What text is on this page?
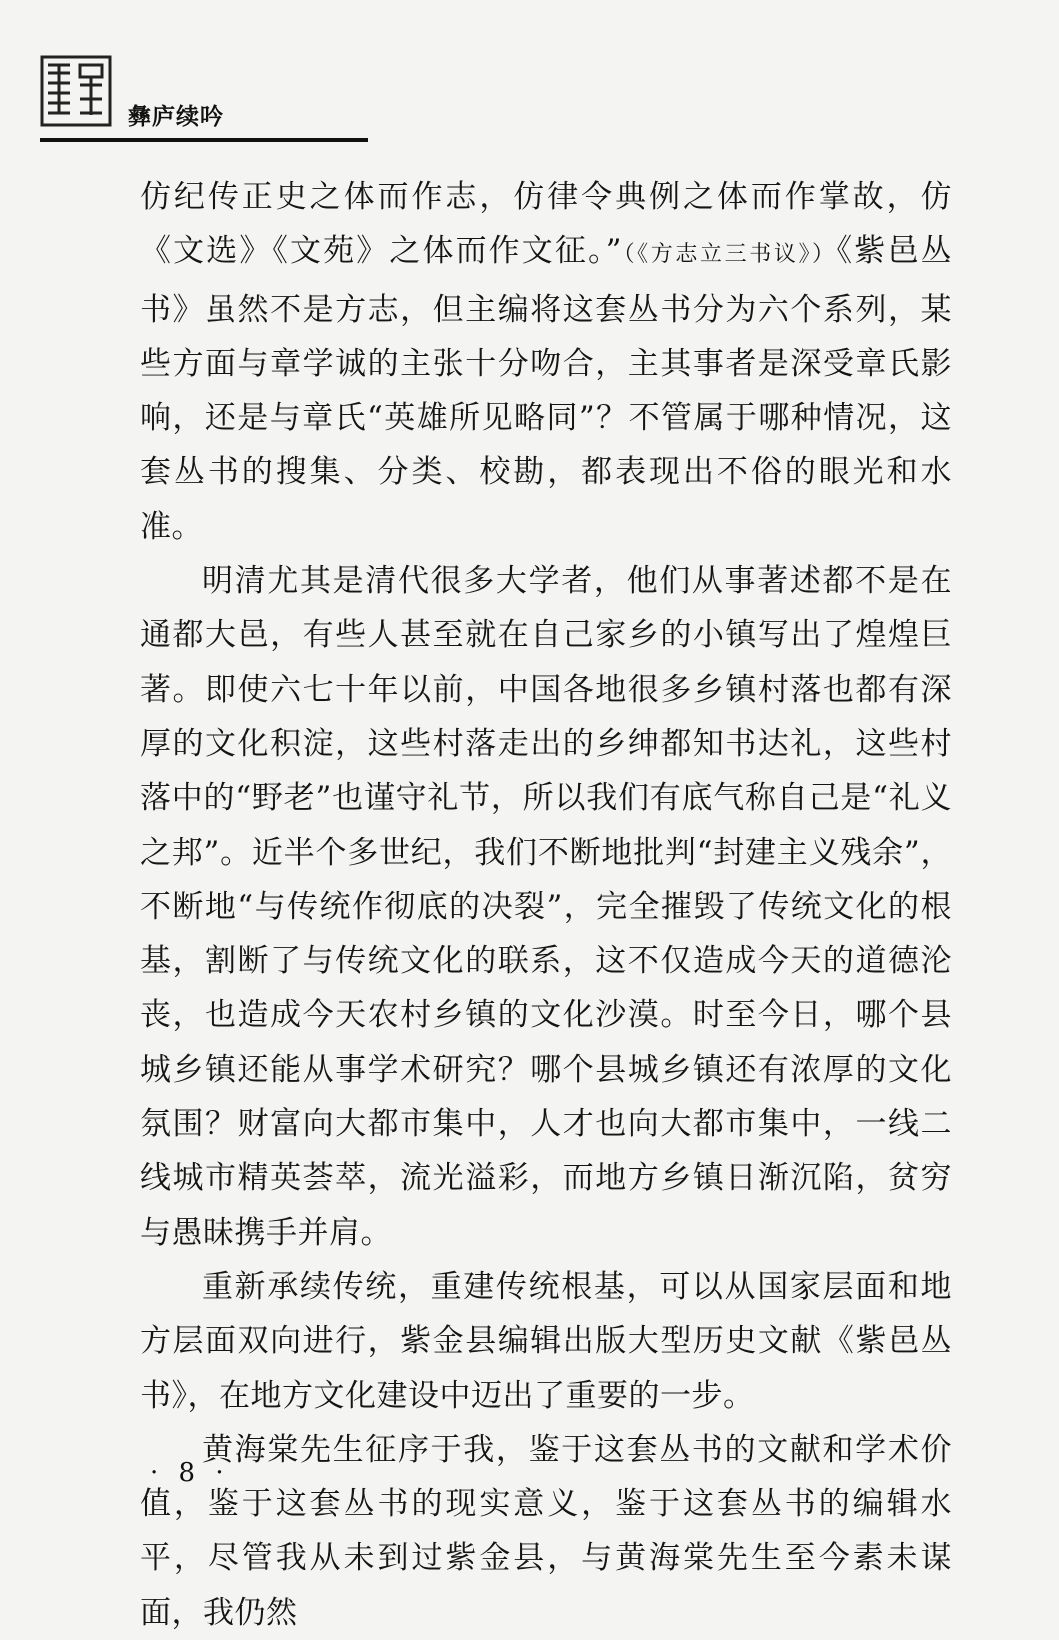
彝庐续吟

仿纪传正史之体而作志，仿律令典例之体而作掌故，仿《文选》《文苑》之体而作文征。”（《方志立三书议》）《紫邑丛书》虽然不是方志，但主编将这套丛书分为六个系列，某些方面与章学诚的主张十分吻合，主其事者是深受章氏影响，还是与章氏“英雄所见略同”？不管属于哪种情况，这套丛书的搜集、分类、校勘，都表现出不俗的眼光和水准。

明清尤其是清代很多大学者，他们从事著述都不是在通都大邑，有些人甚至就在自己家乡的小镇写出了煌煌巨著。即使六七十年以前，中国各地很多乡镇村落也都有深厚的文化积淀，这些村落走出的乡绅都知书达礼，这些村落中的“野老”也谨守礼节，所以我们有底气称自己是“礼义之邦”。近半个多世纪，我们不断地批判“封建主义残余”，不断地“与传统作彻底的决裂”，完全摧毁了传统文化的根基，割断了与传统文化的联系，这不仅造成今天的道德沦丧，也造成今天农村乡镇的文化沙漠。时至今日，哪个县城乡镇还能从事学术研究？哪个县城乡镇还有浓厚的文化氛围？财富向大都市集中，人才也向大都市集中，一线二线城市精英荟萃，流光溢彩，而地方乡镇日渐沉陷，贫穷与愚昧携手并肩。

重新承续传统，重建传统根基，可以从国家层面和地方层面双向进行，紫金县编辑出版大型历史文献《紫邑丛书》，在地方文化建设中迈出了重要的一步。

黄海棠先生征序于我，鉴于这套丛书的文献和学术价值，鉴于这套丛书的现实意义，鉴于这套丛书的编辑水平，尽管我从未到过紫金县，与黄海棠先生至今素未谋面，我仍然

· 8 ·
